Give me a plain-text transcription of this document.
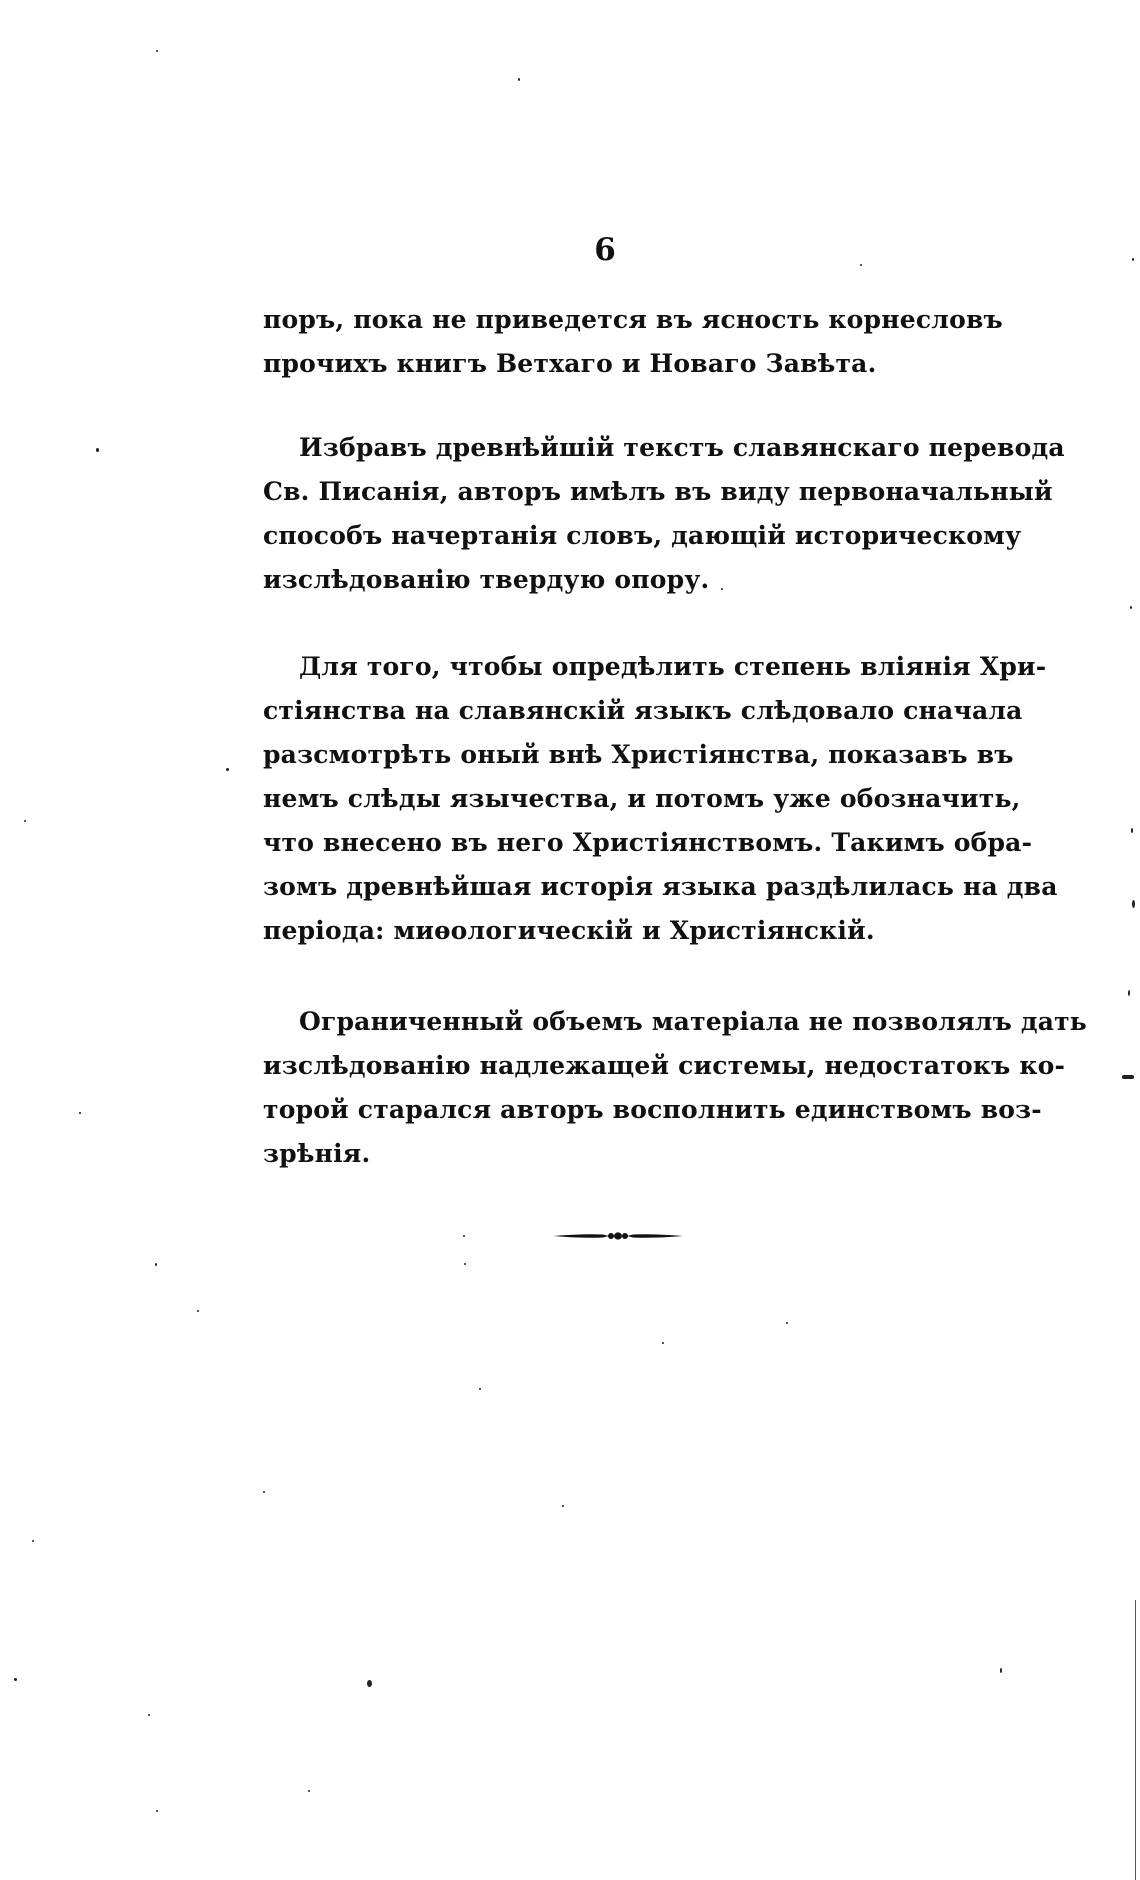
6
поръ, пока не приведется въ ясность корнесловъ
прочихъ книгъ Ветхаго и Новаго Завѣта.
Избравъ древнѣйшій текстъ славянскаго перевода
Св. Писанія, авторъ имѣлъ въ виду первоначальный
способъ начертанія словъ, дающій историческому
изслѣдованію твердую опору.
Для того, чтобы опредѣлить степень вліянія Хри-
стіянства на славянскій языкъ слѣдовало сначала
разсмотрѣть оный внѣ Христіянства, показавъ въ
немъ слѣды язычества, и потомъ уже обозначить,
что внесено въ него Христіянствомъ. Такимъ обра-
зомъ древнѣйшая исторія языка раздѣлилась на два
періода: миѳологическій и Христіянскій.
Ограниченный объемъ матеріала не позволялъ дать
изслѣдованію надлежащей системы, недостатокъ ко-
торой старался авторъ восполнить единствомъ воз-
зрѣнія.
